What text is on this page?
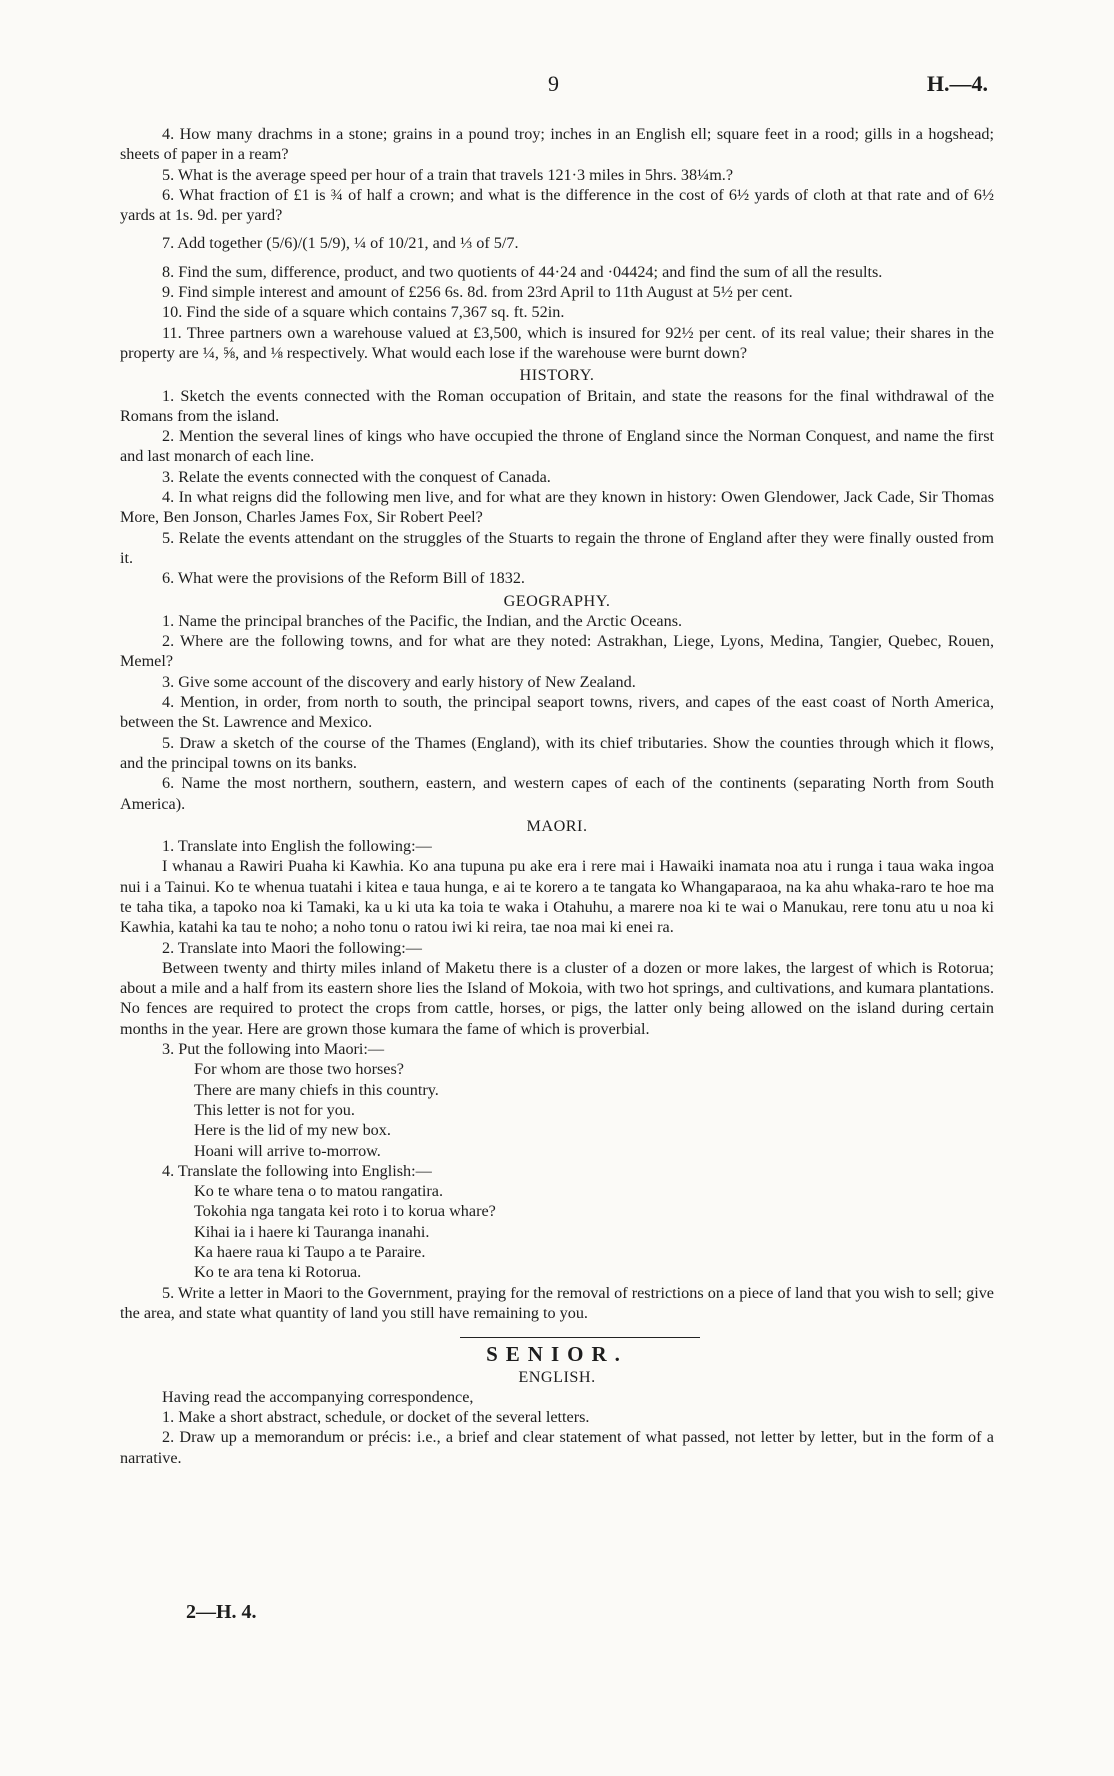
9	H.—4.

4. How many drachms in a stone; grains in a pound troy; inches in an English ell; square feet in a rood; gills in a hogshead; sheets of paper in a ream?

5. What is the average speed per hour of a train that travels 121·3 miles in 5hrs. 38¼m.?

6. What fraction of £1 is ¾ of half a crown; and what is the difference in the cost of 6½ yards of cloth at that rate and of 6½ yards at 1s. 9d. per yard?

7. Add together (5/6)/(1 5/9), ¼ of 10/21, and ⅓ of 5/7.

8. Find the sum, difference, product, and two quotients of 44·24 and ·04424; and find the sum of all the results.

9. Find simple interest and amount of £256 6s. 8d. from 23rd April to 11th August at 5½ per cent.

10. Find the side of a square which contains 7,367 sq. ft. 52in.

11. Three partners own a warehouse valued at £3,500, which is insured for 92½ per cent. of its real value; their shares in the property are ¼, ⅝, and ⅛ respectively. What would each lose if the warehouse were burnt down?

HISTORY.

1. Sketch the events connected with the Roman occupation of Britain, and state the reasons for the final withdrawal of the Romans from the island.

2. Mention the several lines of kings who have occupied the throne of England since the Norman Conquest, and name the first and last monarch of each line.

3. Relate the events connected with the conquest of Canada.

4. In what reigns did the following men live, and for what are they known in history: Owen Glendower, Jack Cade, Sir Thomas More, Ben Jonson, Charles James Fox, Sir Robert Peel?

5. Relate the events attendant on the struggles of the Stuarts to regain the throne of England after they were finally ousted from it.

6. What were the provisions of the Reform Bill of 1832.

GEOGRAPHY.

1. Name the principal branches of the Pacific, the Indian, and the Arctic Oceans.

2. Where are the following towns, and for what are they noted: Astrakhan, Liege, Lyons, Medina, Tangier, Quebec, Rouen, Memel?

3. Give some account of the discovery and early history of New Zealand.

4. Mention, in order, from north to south, the principal seaport towns, rivers, and capes of the east coast of North America, between the St. Lawrence and Mexico.

5. Draw a sketch of the course of the Thames (England), with its chief tributaries. Show the counties through which it flows, and the principal towns on its banks.

6. Name the most northern, southern, eastern, and western capes of each of the continents (separating North from South America).

MAORI.

1. Translate into English the following:—

I whanau a Rawiri Puaha ki Kawhia. Ko ana tupuna pu ake era i rere mai i Hawaiki inamata noa atu i runga i taua waka ingoa nui i a Tainui. Ko te whenua tuatahi i kitea e taua hunga, e ai te korero a te tangata ko Whangaparaoa, na ka ahu whaka-raro te hoe ma te taha tika, a tapoko noa ki Tamaki, ka u ki uta ka toia te waka i Otahuhu, a marere noa ki te wai o Manukau, rere tonu atu u noa ki Kawhia, katahi ka tau te noho; a noho tonu o ratou iwi ki reira, tae noa mai ki enei ra.

2. Translate into Maori the following:—

Between twenty and thirty miles inland of Maketu there is a cluster of a dozen or more lakes, the largest of which is Rotorua; about a mile and a half from its eastern shore lies the Island of Mokoia, with two hot springs, and cultivations, and kumara plantations. No fences are required to protect the crops from cattle, horses, or pigs, the latter only being allowed on the island during certain months in the year. Here are grown those kumara the fame of which is proverbial.

3. Put the following into Maori:—

For whom are those two horses?

There are many chiefs in this country.

This letter is not for you.

Here is the lid of my new box.

Hoani will arrive to-morrow.

4. Translate the following into English:—

Ko te whare tena o to matou rangatira.

Tokohia nga tangata kei roto i to korua whare?

Kihai ia i haere ki Tauranga inanahi.

Ka haere raua ki Taupo a te Paraire.

Ko te ara tena ki Rotorua.

5. Write a letter in Maori to the Government, praying for the removal of restrictions on a piece of land that you wish to sell; give the area, and state what quantity of land you still have remaining to you.

SENIOR.
ENGLISH.

Having read the accompanying correspondence,

1. Make a short abstract, schedule, or docket of the several letters.

2. Draw up a memorandum or précis: i.e., a brief and clear statement of what passed, not letter by letter, but in the form of a narrative.

2—H. 4.
